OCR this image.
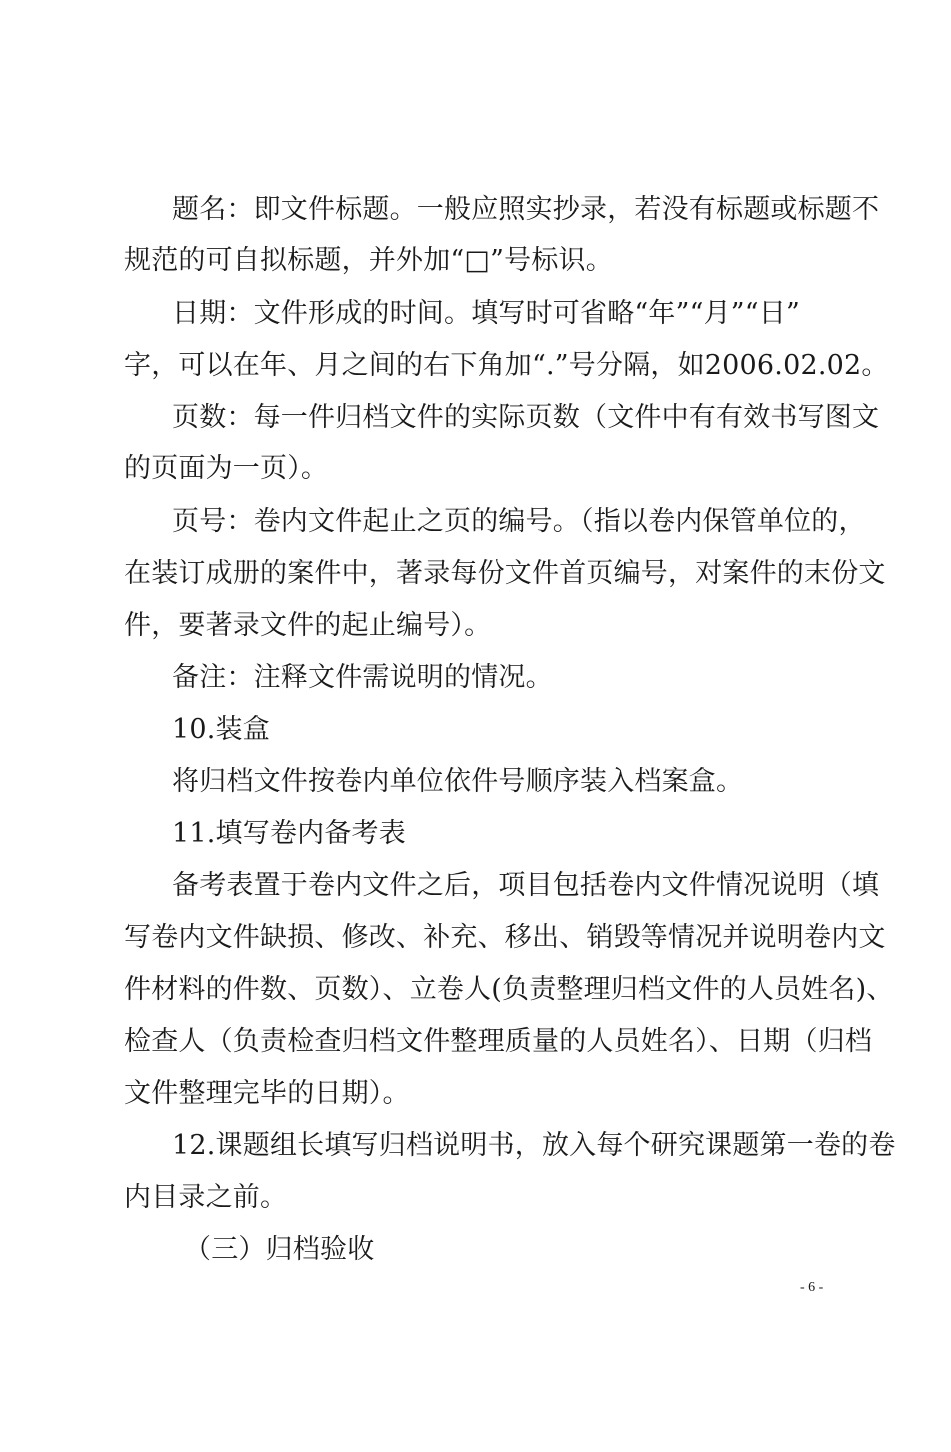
题名：即文件标题。一般应照实抄录，若没有标题或标题不
规范的可自拟标题，并外加“□”号标识。
日期：文件形成的时间。填写时可省略“年”“月”“日”
字，可以在年、月之间的右下角加“.”号分隔，如2006.02.02。
页数：每一件归档文件的实际页数（文件中有有效书写图文
的页面为一页）。
页号：卷内文件起止之页的编号。（指以卷内保管单位的，
在装订成册的案件中，著录每份文件首页编号，对案件的末份文
件，要著录文件的起止编号）。
备注：注释文件需说明的情况。
10.装盒
将归档文件按卷内单位依件号顺序装入档案盒。
11.填写卷内备考表
备考表置于卷内文件之后，项目包括卷内文件情况说明（填
写卷内文件缺损、修改、补充、移出、销毁等情况并说明卷内文
件材料的件数、页数）、立卷人(负责整理归档文件的人员姓名)、
检查人（负责检查归档文件整理质量的人员姓名）、日期（归档
文件整理完毕的日期）。
12.课题组长填写归档说明书，放入每个研究课题第一卷的卷
内目录之前。
（三）归档验收
- 6 -
